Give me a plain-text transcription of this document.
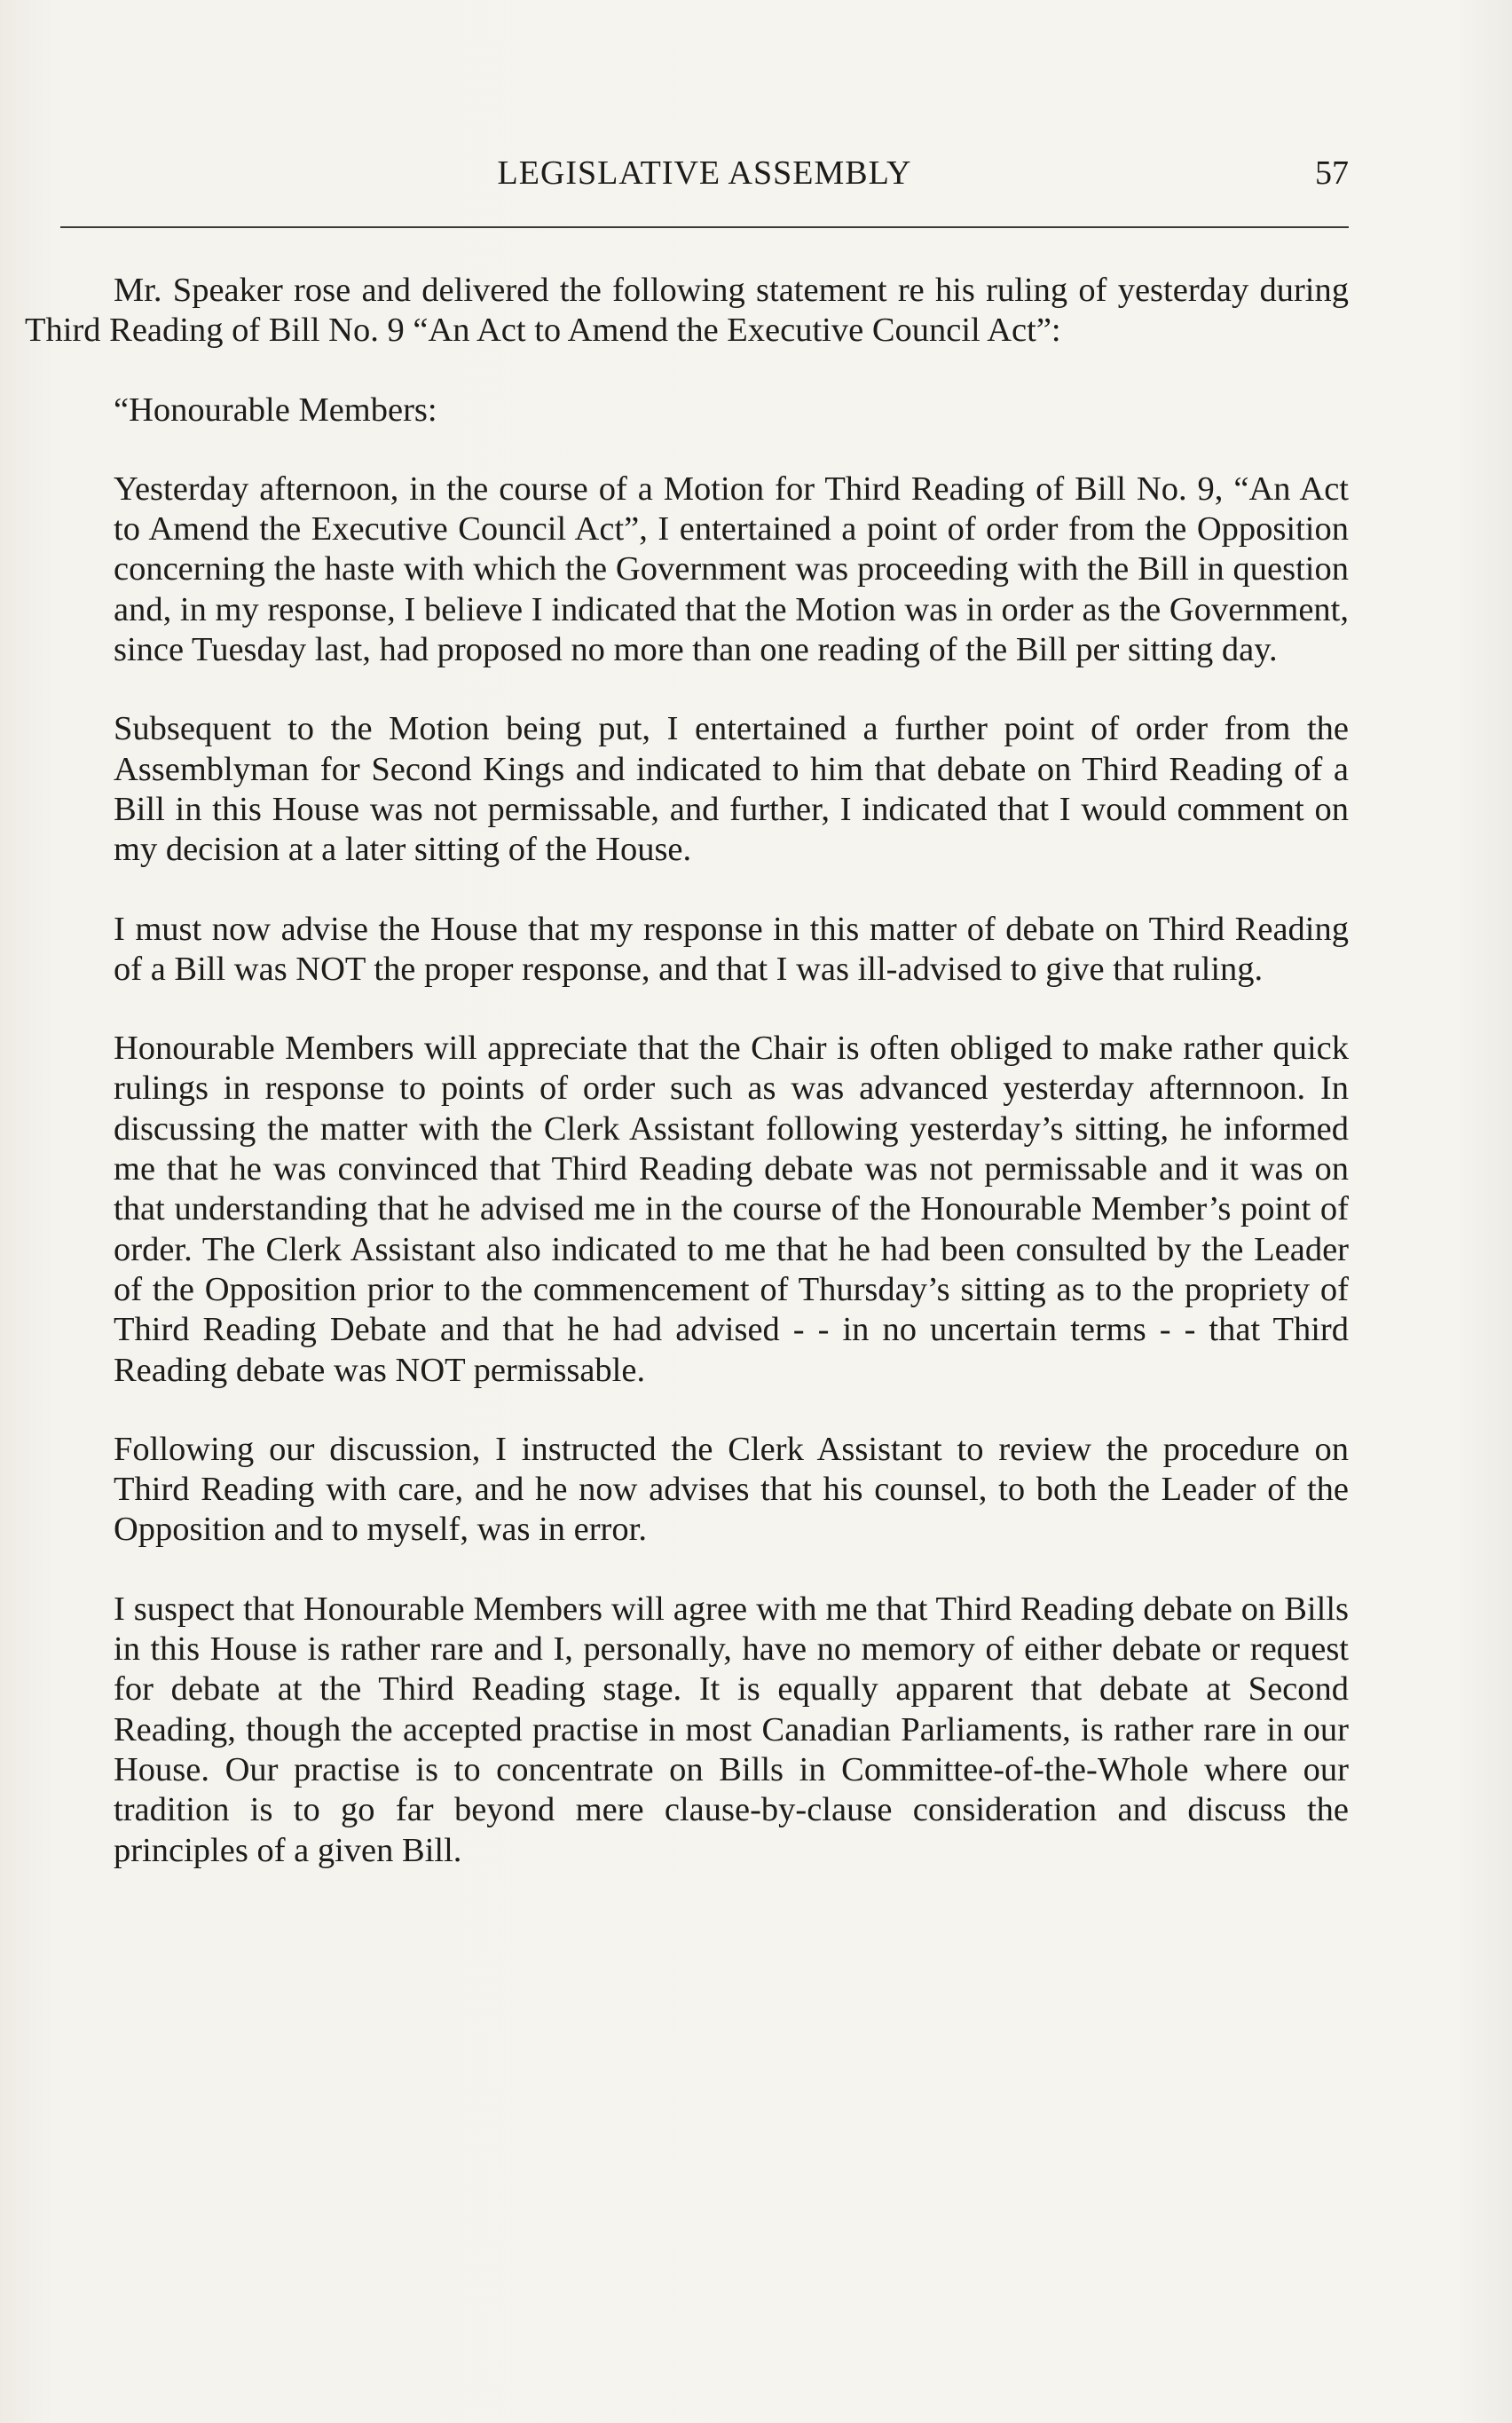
LEGISLATIVE ASSEMBLY	57

Mr. Speaker rose and delivered the following statement re his ruling of yesterday during Third Reading of Bill No. 9 “An Act to Amend the Executive Council Act”:

“Honourable Members:

Yesterday afternoon, in the course of a Motion for Third Reading of Bill No. 9, “An Act to Amend the Executive Council Act”, I entertained a point of order from the Opposition concerning the haste with which the Government was proceeding with the Bill in question and, in my response, I believe I indicated that the Motion was in order as the Government, since Tuesday last, had proposed no more than one reading of the Bill per sitting day.

Subsequent to the Motion being put, I entertained a further point of order from the Assemblyman for Second Kings and indicated to him that debate on Third Reading of a Bill in this House was not permissable, and further, I indicated that I would comment on my decision at a later sitting of the House.

I must now advise the House that my response in this matter of debate on Third Reading of a Bill was NOT the proper response, and that I was ill-advised to give that ruling.

Honourable Members will appreciate that the Chair is often obliged to make rather quick rulings in response to points of order such as was advanced yesterday afternnoon. In discussing the matter with the Clerk Assistant following yesterday’s sitting, he informed me that he was convinced that Third Reading debate was not permissable and it was on that understanding that he advised me in the course of the Honourable Member’s point of order. The Clerk Assistant also indicated to me that he had been consulted by the Leader of the Opposition prior to the commencement of Thursday’s sitting as to the propriety of Third Reading Debate and that he had advised - - in no uncertain terms - - that Third Reading debate was NOT permissable.

Following our discussion, I instructed the Clerk Assistant to review the procedure on Third Reading with care, and he now advises that his counsel, to both the Leader of the Opposition and to myself, was in error.

I suspect that Honourable Members will agree with me that Third Reading debate on Bills in this House is rather rare and I, personally, have no memory of either debate or request for debate at the Third Reading stage. It is equally apparent that debate at Second Reading, though the accepted practise in most Canadian Parliaments, is rather rare in our House. Our practise is to concentrate on Bills in Committee-of-the-Whole where our tradition is to go far beyond mere clause-by-clause consideration and discuss the principles of a given Bill.
